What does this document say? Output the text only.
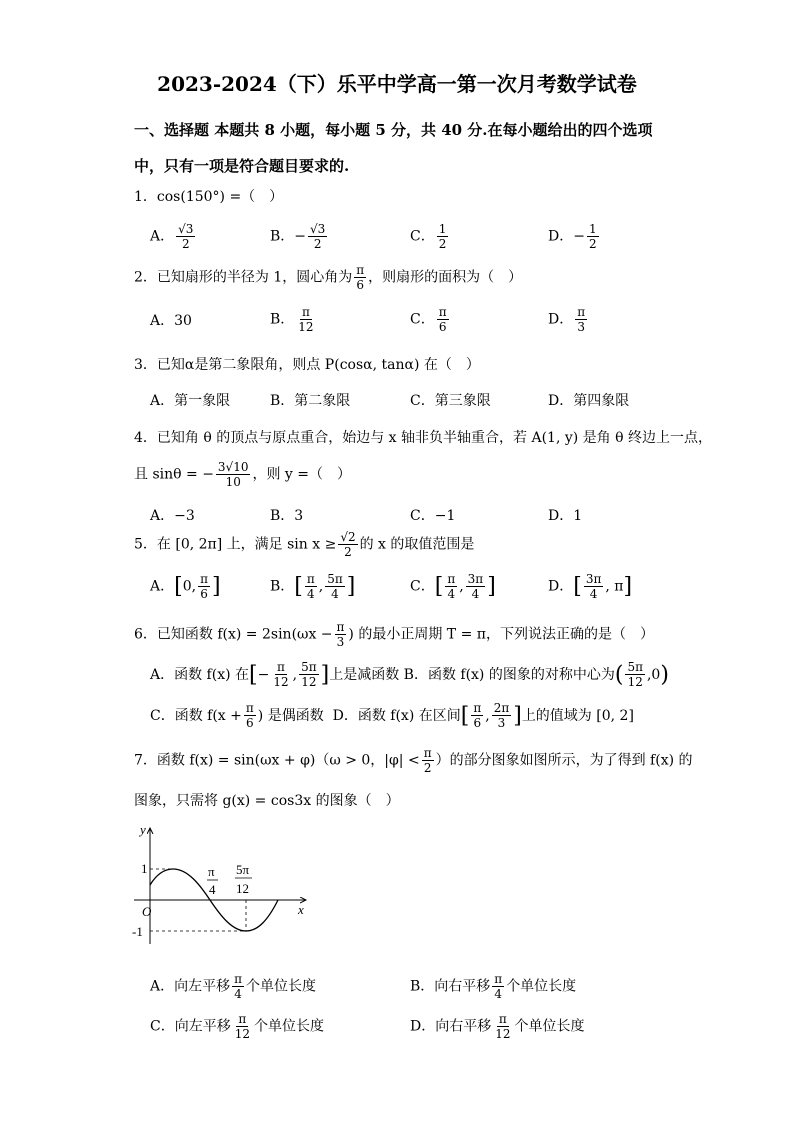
2023-2024（下）乐平中学高一第一次月考数学试卷
一、选择题 本题共 8 小题，每小题 5 分，共 40 分.在每小题给出的四个选项
中，只有一项是符合题目要求的.
1．cos(150°) =（　）
A． $\frac{√3}{2}$	B．− $\frac{√3}{2}$	C． $\frac{1}{2}$	D．− $\frac{1}{2}$
2．已知扇形的半径为 1，圆心角为 $\frac{\pi}{6}$ ，则扇形的面积为（　）
A．30	B． $\frac{\pi}{12}$	C． $\frac{\pi}{6}$	D． $\frac{\pi}{3}$
3．已知α是第二象限角，则点 P(cosα, tanα) 在（　）
A．第一象限	B．第二象限	C．第三象限	D．第四象限
4．已知角 θ 的顶点与原点重合，始边与 x 轴非负半轴重合，若 A(1, y) 是角 θ 终边上一点，
且 sinθ = − $\frac{3√10}{10}$ ，则 y =（　）
A．−3	B．3	C．−1	D．1
5．在 [0, 2π] 上，满足 $\sin x \ge \frac{√2}{2}$ 的 x 的取值范围是
A．[0, $\frac{\pi}{6}$ ]	B．[ $\frac{\pi}{4}$ , $\frac{5\pi}{4}$ ]	C．[ $\frac{\pi}{4}$ , $\frac{3\pi}{4}$ ]	D．[ $\frac{3\pi}{4}$ , π]
6．已知函数 $f(x) = 2\sin(\omega x - \frac{\pi}{3}$ ) 的最小正周期 T = π，下列说法正确的是（　）
A．函数 f(x) 在[− $\frac{\pi}{12}$ , $\frac{5\pi}{12}$ ]上是减函数 B．函数 f(x) 的图象的对称中心为( $\frac{5\pi}{12} ,0$)
C．函数 $f(x + \frac{\pi}{6}$ ) 是偶函数 D．函数 f(x) 在区间[ $\frac{\pi}{6}$ , $\frac{2\pi}{3}$ ]上的值域为 [0, 2]
7．函数 f(x) = sin(ωx + φ)（ω > 0，$|\varphi| < \frac{\pi}{2}$ ）的部分图象如图所示，为了得到 f(x) 的
图象，只需将 g(x) = cos3x 的图象（　）
y
x
O
1
-1
π
4
5π
12
A．向左平移 $\frac{\pi}{4}$ 个单位长度	B．向右平移 $\frac{\pi}{4}$ 个单位长度
C．向左平移 $\frac{\pi}{12}$ 个单位长度	D．向右平移 $\frac{\pi}{12}$ 个单位长度
